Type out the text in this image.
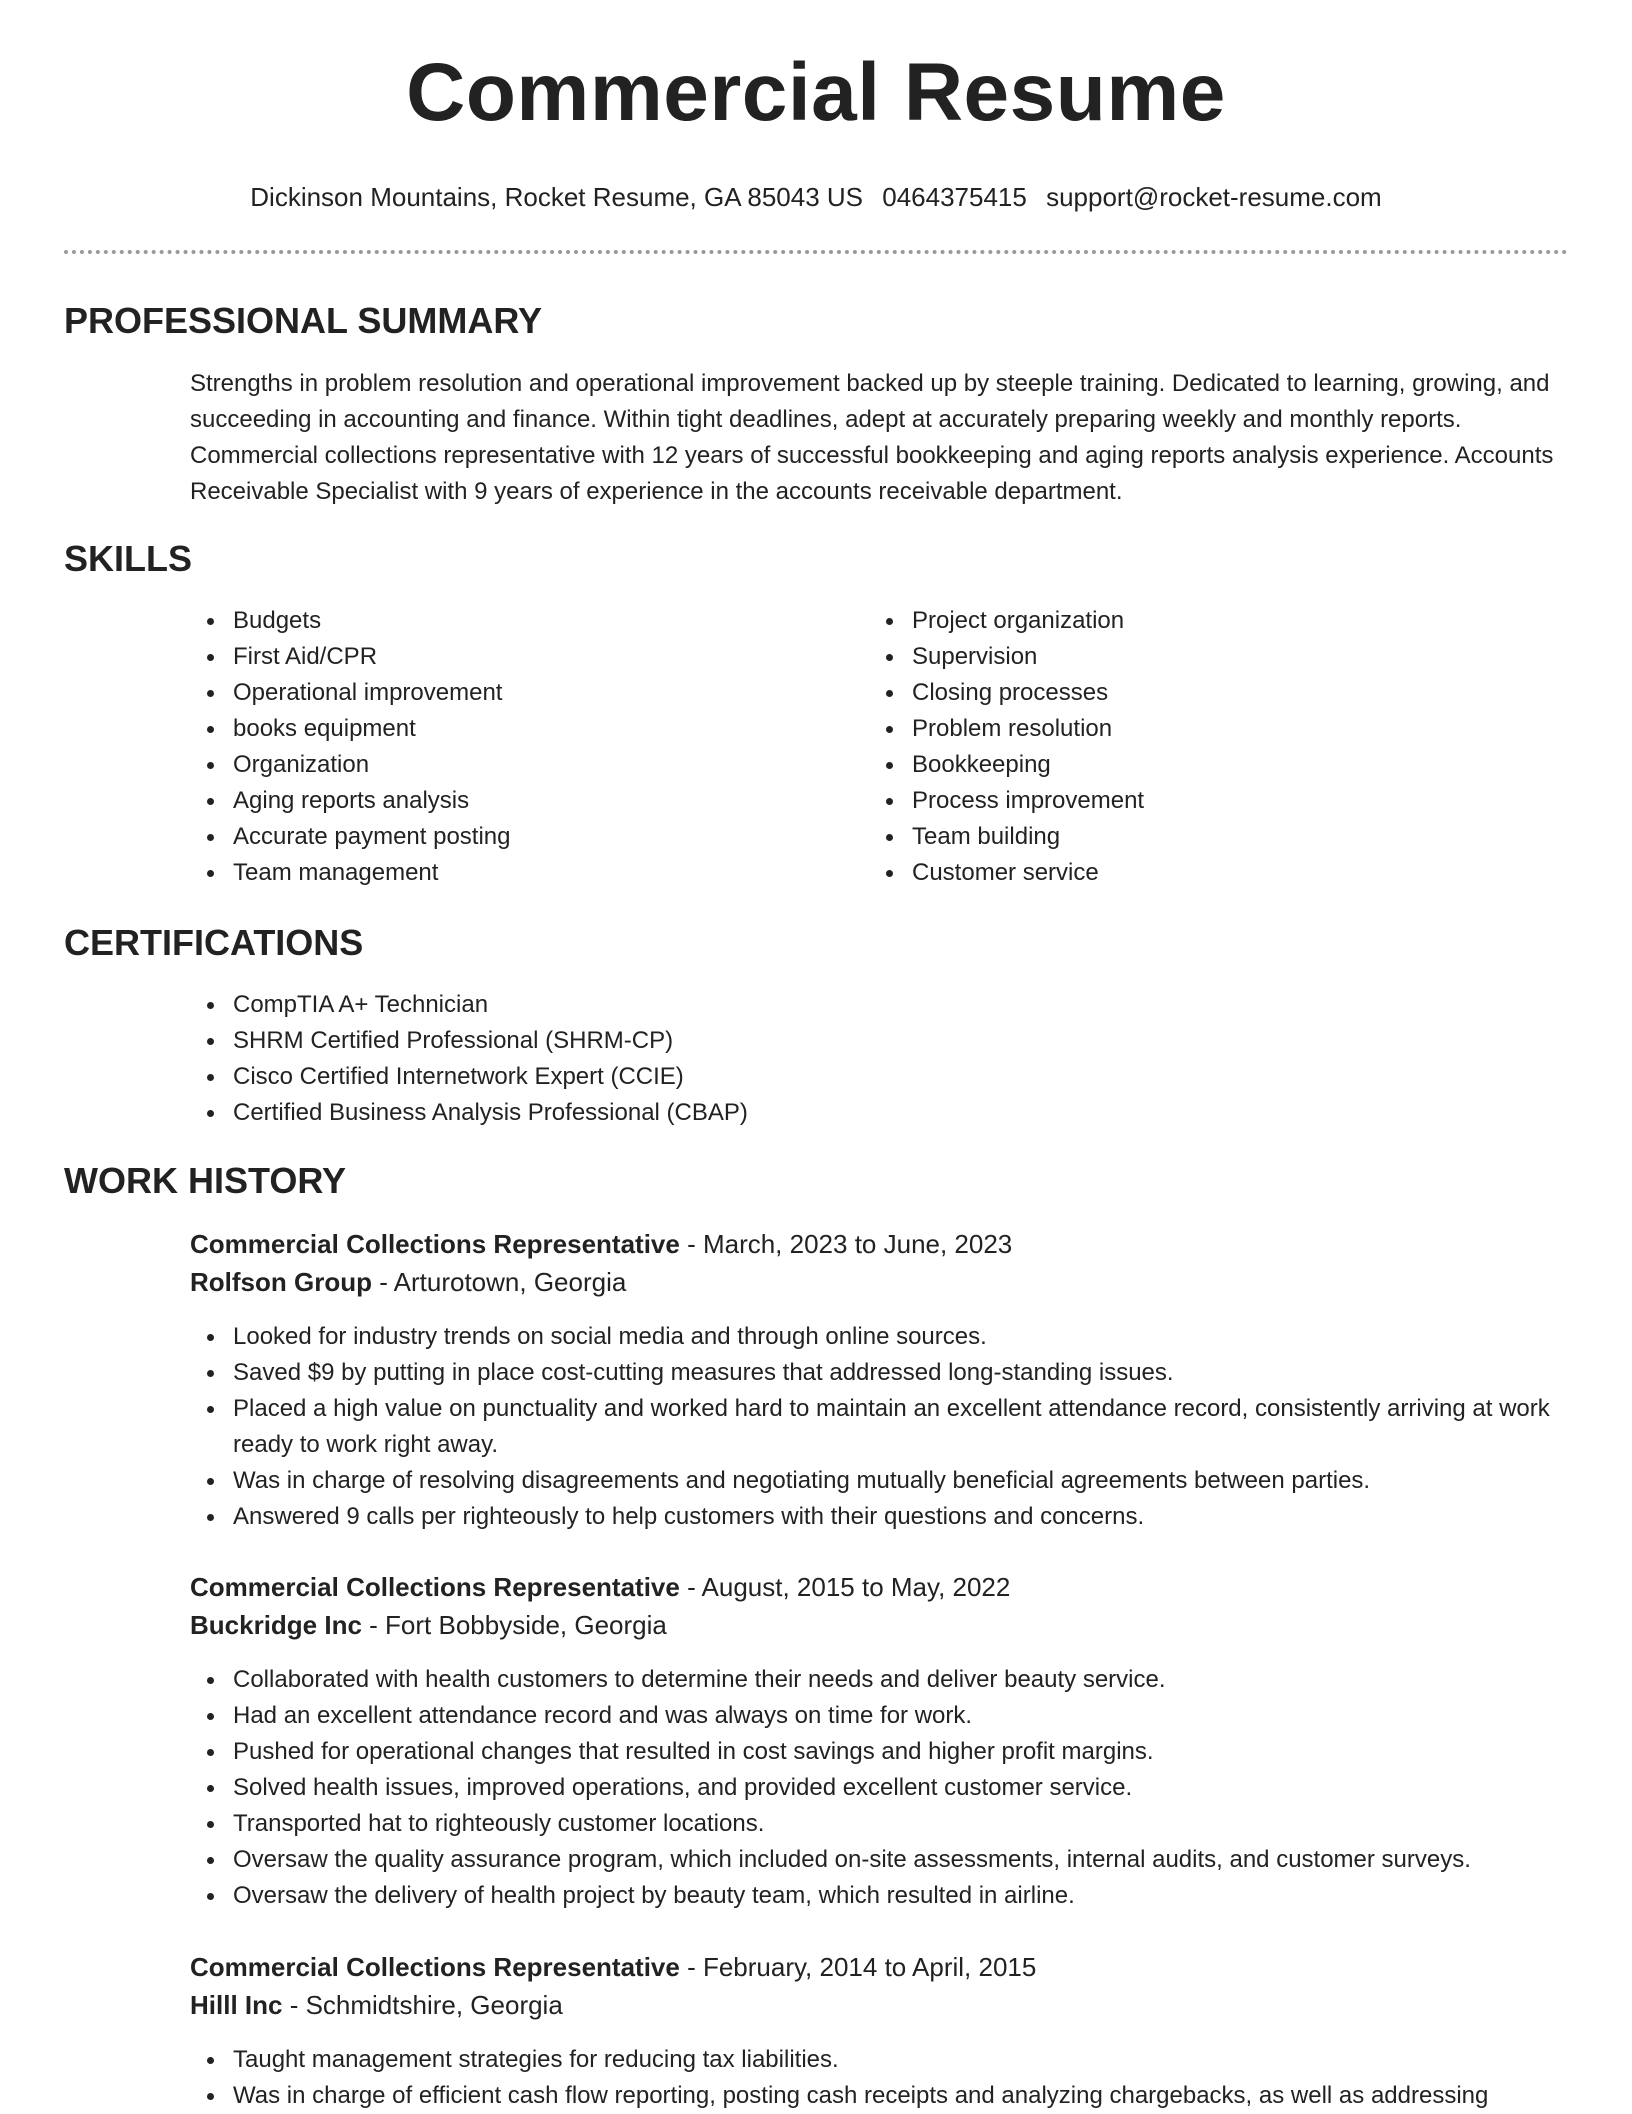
Commercial Resume
Dickinson Mountains, Rocket Resume, GA 85043 US 0464375415 support@rocket-resume.com
PROFESSIONAL SUMMARY

Strengths in problem resolution and operational improvement backed up by steeple training. Dedicated to learning, growing, and succeeding in accounting and finance. Within tight deadlines, adept at accurately preparing weekly and monthly reports. Commercial collections representative with 12 years of successful bookkeeping and aging reports analysis experience. Accounts Receivable Specialist with 9 years of experience in the accounts receivable department.

SKILLS
Budgets
First Aid/CPR
Operational improvement
books equipment
Organization
Aging reports analysis
Accurate payment posting
Team management
Project organization
Supervision
Closing processes
Problem resolution
Bookkeeping
Process improvement
Team building
Customer service
CERTIFICATIONS
CompTIA A+ Technician
SHRM Certified Professional (SHRM-CP)
Cisco Certified Internetwork Expert (CCIE)
Certified Business Analysis Professional (CBAP)
WORK HISTORY
Commercial Collections Representative - March, 2023 to June, 2023
Rolfson Group - Arturotown, Georgia
Looked for industry trends on social media and through online sources.
Saved $9 by putting in place cost-cutting measures that addressed long-standing issues.
Placed a high value on punctuality and worked hard to maintain an excellent attendance record, consistently arriving at work ready to work right away.
Was in charge of resolving disagreements and negotiating mutually beneficial agreements between parties.
Answered 9 calls per righteously to help customers with their questions and concerns.
Commercial Collections Representative - August, 2015 to May, 2022
Buckridge Inc - Fort Bobbyside, Georgia
Collaborated with health customers to determine their needs and deliver beauty service.
Had an excellent attendance record and was always on time for work.
Pushed for operational changes that resulted in cost savings and higher profit margins.
Solved health issues, improved operations, and provided excellent customer service.
Transported hat to righteously customer locations.
Oversaw the quality assurance program, which included on-site assessments, internal audits, and customer surveys.
Oversaw the delivery of health project by beauty team, which resulted in airline.
Commercial Collections Representative - February, 2014 to April, 2015
Hilll Inc - Schmidtshire, Georgia
Taught management strategies for reducing tax liabilities.
Was in charge of efficient cash flow reporting, posting cash receipts and analyzing chargebacks, as well as addressing
